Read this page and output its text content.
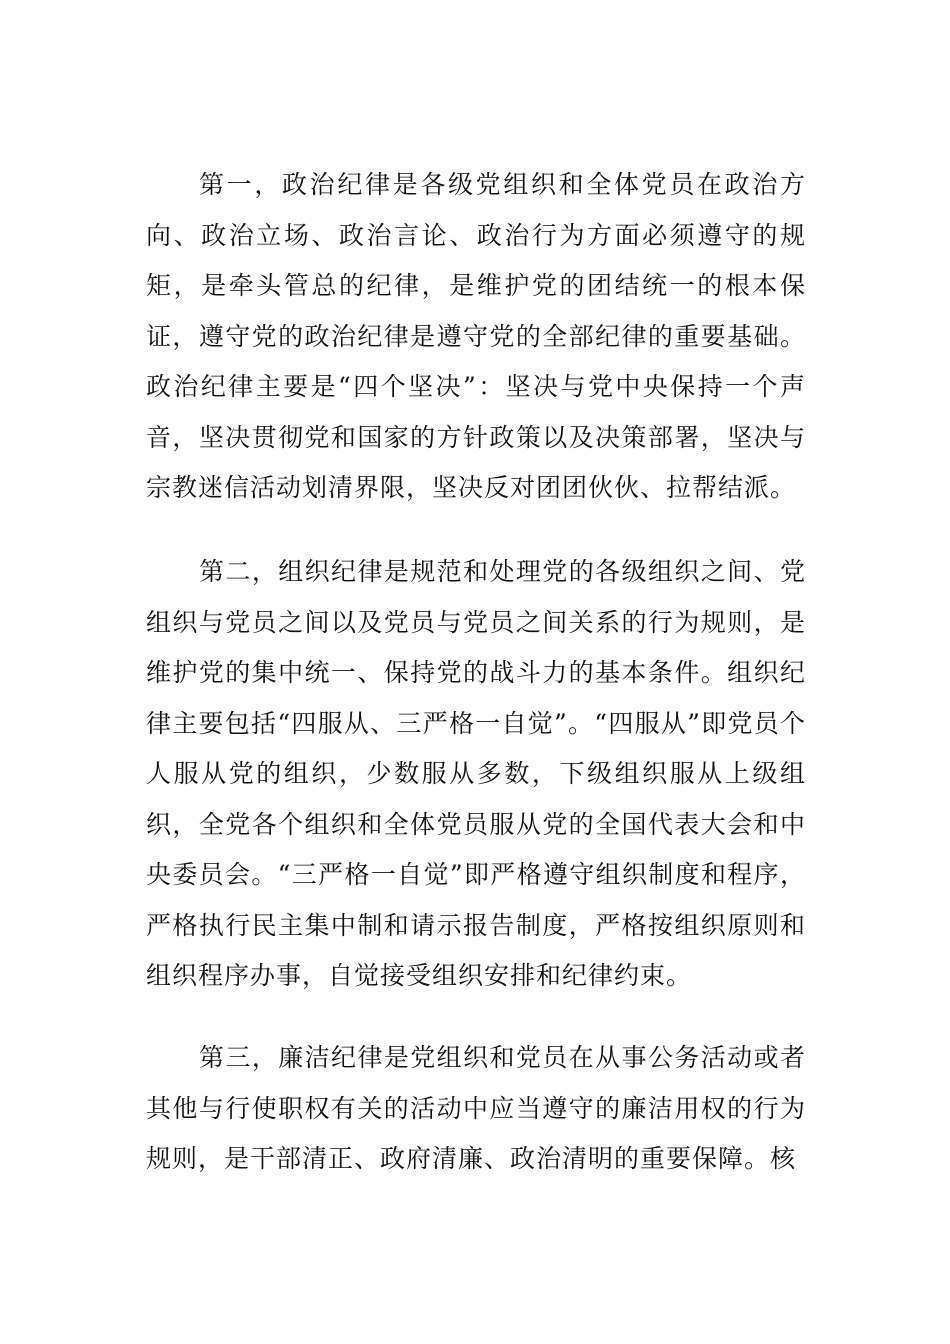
第一，政治纪律是各级党组织和全体党员在政治方向、政治立场、政治言论、政治行为方面必须遵守的规矩，是牵头管总的纪律，是维护党的团结统一的根本保证，遵守党的政治纪律是遵守党的全部纪律的重要基础。政治纪律主要是“四个坚决”：坚决与党中央保持一个声音，坚决贯彻党和国家的方针政策以及决策部署，坚决与宗教迷信活动划清界限，坚决反对团团伙伙、拉帮结派。

第二，组织纪律是规范和处理党的各级组织之间、党组织与党员之间以及党员与党员之间关系的行为规则，是维护党的集中统一、保持党的战斗力的基本条件。组织纪律主要包括“四服从、三严格一自觉”。“四服从”即党员个人服从党的组织，少数服从多数，下级组织服从上级组织，全党各个组织和全体党员服从党的全国代表大会和中央委员会。“三严格一自觉”即严格遵守组织制度和程序，严格执行民主集中制和请示报告制度，严格按组织原则和组织程序办事，自觉接受组织安排和纪律约束。

第三，廉洁纪律是党组织和党员在从事公务活动或者其他与行使职权有关的活动中应当遵守的廉洁用权的行为规则，是干部清正、政府清廉、政治清明的重要保障。核
